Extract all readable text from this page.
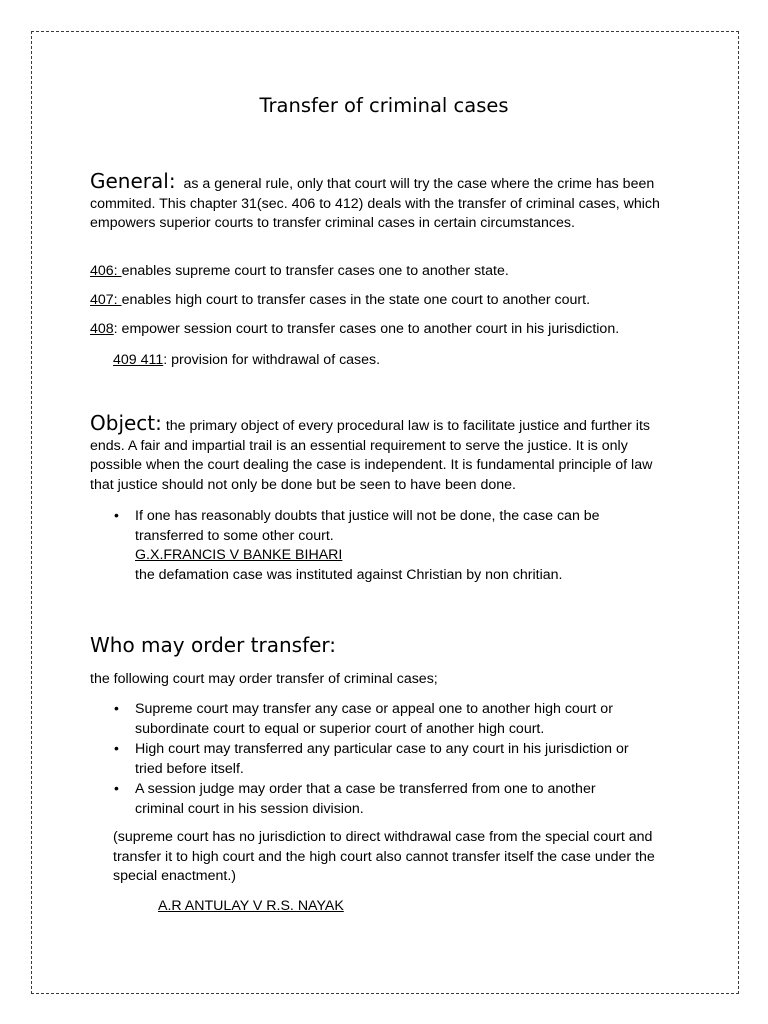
Transfer of criminal cases
General: as a general rule, only that court will try the case where the crime has been commited. This chapter 31(sec. 406 to 412) deals with the transfer of criminal cases, which empowers superior courts to transfer criminal cases in certain circumstances.
406: enables supreme court to transfer cases one to another state.
407: enables high court to transfer cases in the state one court to another court.
408: empower session court to transfer cases one to another court in his jurisdiction.
409 411: provision for withdrawal of cases.
Object: the primary object of every procedural law is to facilitate justice and further its ends. A fair and impartial trail is an essential requirement to serve the justice. It is only possible when the court dealing the case is independent. It is fundamental principle of law that justice should not only be done but be seen to have been done.
• If one has reasonably doubts that justice will not be done, the case can be transferred to some other court.
G.X.FRANCIS V BANKE BIHARI
the defamation case was instituted against Christian by non chritian.
Who may order transfer:
the following court may order transfer of criminal cases;
• Supreme court may transfer any case or appeal one to another high court or subordinate court to equal or superior court of another high court.
• High court may transferred any particular case to any court in his jurisdiction or tried before itself.
• A session judge may order that a case be transferred from one to another criminal court in his session division.
(supreme court has no jurisdiction to direct withdrawal case from the special court and transfer it to high court and the high court also cannot transfer itself the case under the special enactment.)
A.R ANTULAY V R.S. NAYAK
